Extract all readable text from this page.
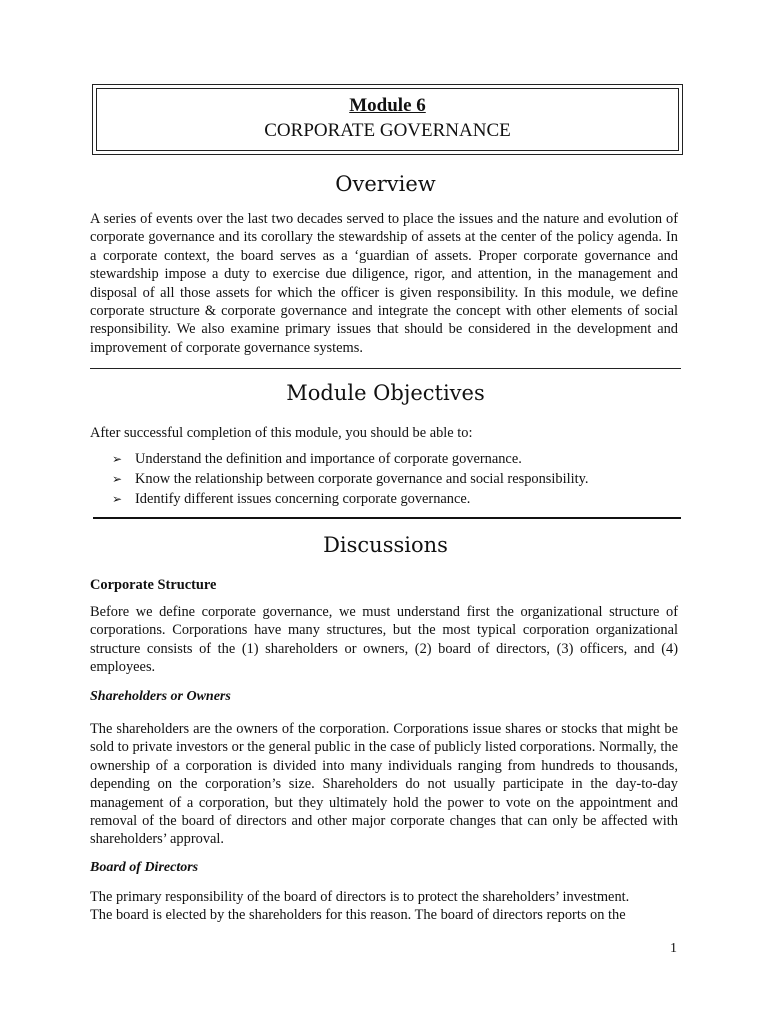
Module 6
CORPORATE GOVERNANCE
Overview

A series of events over the last two decades served to place the issues and the nature and evolution of corporate governance and its corollary the stewardship of assets at the center of the policy agenda. In a corporate context, the board serves as a ‘guardian of assets. Proper corporate governance and stewardship impose a duty to exercise due diligence, rigor, and attention, in the management and disposal of all those assets for which the officer is given responsibility. In this module, we define corporate structure & corporate governance and integrate the concept with other elements of social responsibility. We also examine primary issues that should be considered in the development and improvement of corporate governance systems.

Module Objectives

After successful completion of this module, you should be able to:

➢ Understand the definition and importance of corporate governance.
➢ Know the relationship between corporate governance and social responsibility.
➢ Identify different issues concerning corporate governance.
Discussions
Corporate Structure

Before we define corporate governance, we must understand first the organizational structure of corporations. Corporations have many structures, but the most typical corporation organizational structure consists of the (1) shareholders or owners, (2) board of directors, (3) officers, and (4) employees.

Shareholders or Owners

The shareholders are the owners of the corporation. Corporations issue shares or stocks that might be sold to private investors or the general public in the case of publicly listed corporations. Normally, the ownership of a corporation is divided into many individuals ranging from hundreds to thousands, depending on the corporation’s size. Shareholders do not usually participate in the day-to-day management of a corporation, but they ultimately hold the power to vote on the appointment and removal of the board of directors and other major corporate changes that can only be affected with shareholders’ approval.

Board of Directors

The primary responsibility of the board of directors is to protect the shareholders’ investment.
The board is elected by the shareholders for this reason. The board of directors reports on the

1
